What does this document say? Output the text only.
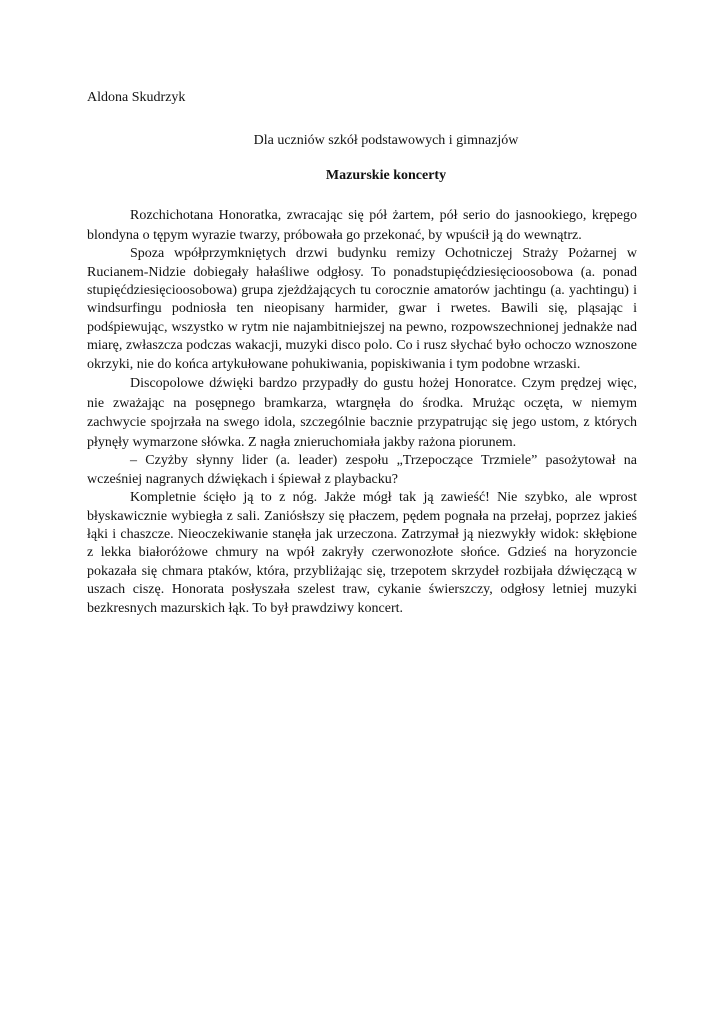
Aldona Skudrzyk
Dla uczniów szkół podstawowych i gimnazjów
Mazurskie koncerty

Rozchichotana Honoratka, zwracając się pół żartem, pół serio do jasnookiego, krępego blondyna o tępym wyrazie twarzy, próbowała go przekonać, by wpuścił ją do wewnątrz.

Spoza wpółprzymkniętych drzwi budynku remizy Ochotniczej Straży Pożarnej w Rucianem-Nidzie dobiegały hałaśliwe odgłosy. To ponadstupięćdziesięcioosobowa (a. ponad stupięćdziesięcioosobowa) grupa zjeżdżających tu corocznie amatorów jachtingu (a. yachtingu) i windsurfingu podniosła ten nieopisany harmider, gwar i rwetes. Bawili się, pląsając i podśpiewując, wszystko w rytm nie najambitniejszej na pewno, rozpowszechnionej jednakże nad miarę, zwłaszcza podczas wakacji, muzyki disco polo. Co i rusz słychać było ochoczo wznoszone okrzyki, nie do końca artykułowane pohukiwania, popiskiwania i tym podobne wrzaski.

Discopolowe dźwięki bardzo przypadły do gustu hożej Honoratce. Czym prędzej więc, nie zważając na posępnego bramkarza, wtargnęła do środka. Mrużąc oczęta, w niemym zachwycie spojrzała na swego idola, szczególnie bacznie przypatrując się jego ustom, z których płynęły wymarzone słówka. Z nagła znieruchomiała jakby rażona piorunem.

– Czyżby słynny lider (a. leader) zespołu „Trzepoczące Trzmiele” pasożytował na wcześniej nagranych dźwiękach i śpiewał z playbacku?

Kompletnie ścięło ją to z nóg. Jakże mógł tak ją zawieść! Nie szybko, ale wprost błyskawicznie wybiegła z sali. Zaniósłszy się płaczem, pędem pognała na przełaj, poprzez jakieś łąki i chaszcze. Nieoczekiwanie stanęła jak urzeczona. Zatrzymał ją niezwykły widok: skłębione z lekka białoróżowe chmury na wpół zakryły czerwonozłote słońce. Gdzieś na horyzoncie pokazała się chmara ptaków, która, przybliżając się, trzepotem skrzydeł rozbijała dźwięczącą w uszach ciszę. Honorata posłyszała szelest traw, cykanie świerszczy, odgłosy letniej muzyki bezkresnych mazurskich łąk. To był prawdziwy koncert.
